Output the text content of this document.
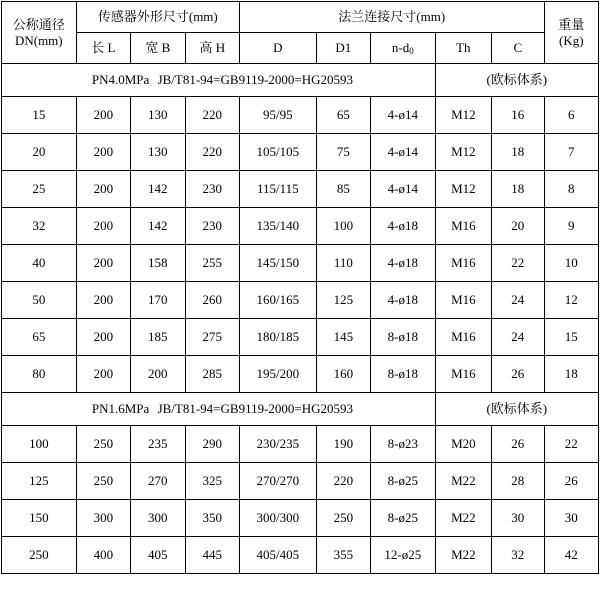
公称通径
DN(mm)	传感器外形尺寸(mm)			法兰连接尺寸(mm)					重量
(Kg)

	长 L	宽 B	高 H	D	D1	$n-d_0$	Th	C	
PN4.0MPa JB/T81-94=GB9119-2000=HG20593							(欧标体系)		
15	200	130	220	95/95	65	4-ø14	M12	16	6
20	200	130	220	105/105	75	4-ø14	M12	18	7
25	200	142	230	115/115	85	4-ø14	M12	18	8
32	200	142	230	135/140	100	4-ø18	M16	20	9
40	200	158	255	145/150	110	4-ø18	M16	22	10
50	200	170	260	160/165	125	4-ø18	M16	24	12
65	200	185	275	180/185	145	8-ø18	M16	24	15
80	200	200	285	195/200	160	8-ø18	M16	26	18
PN1.6MPa JB/T81-94=GB9119-2000=HG20593							(欧标体系)		
100	250	235	290	230/235	190	8-ø23	M20	26	22
125	250	270	325	270/270	220	8-ø25	M22	28	26
150	300	300	350	300/300	250	8-ø25	M22	30	30
250	400	405	445	405/405	355	12-ø25	M22	32	42
